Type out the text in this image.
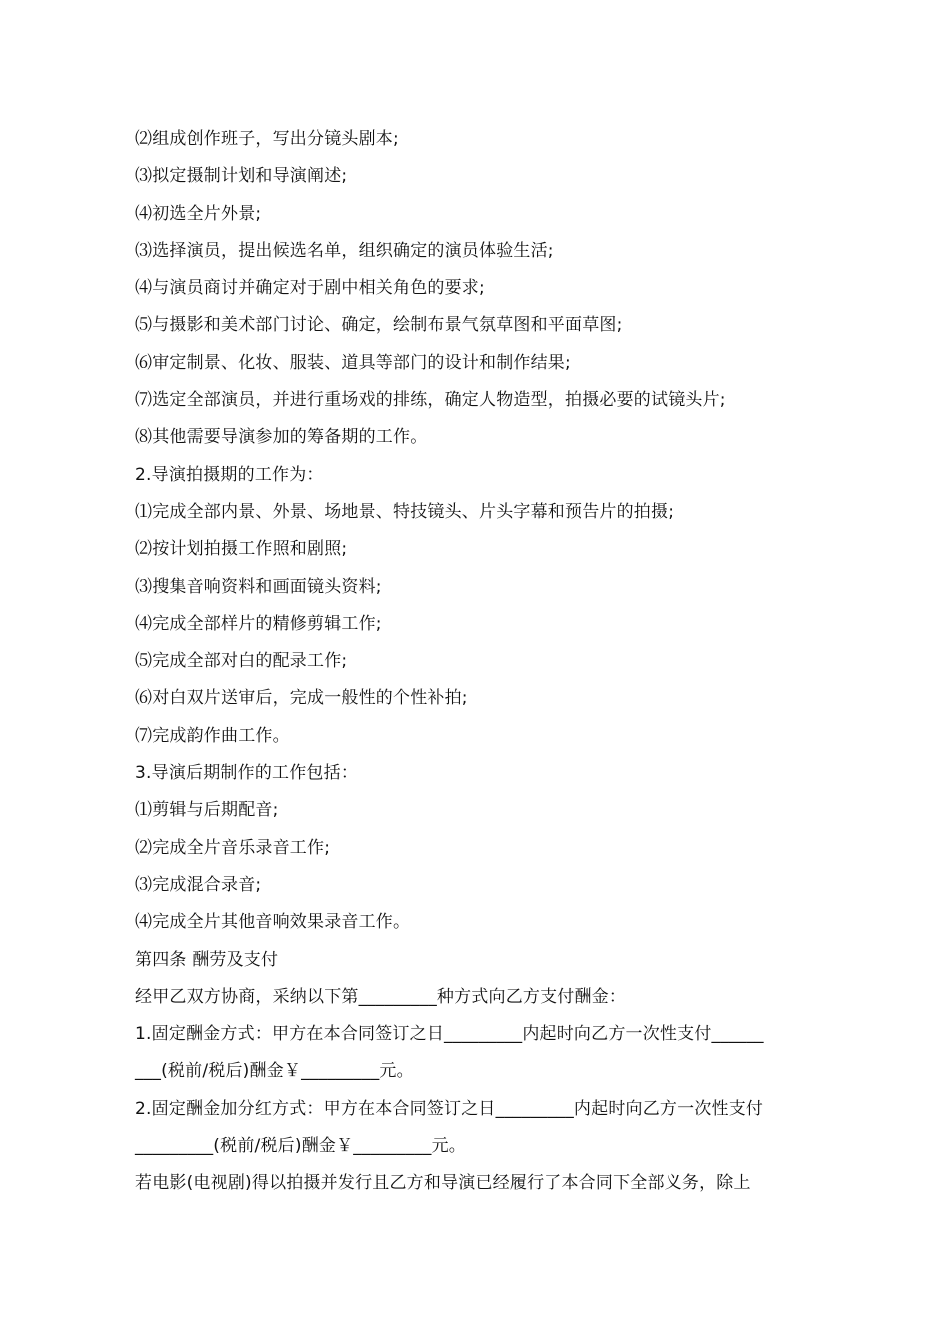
⑵组成创作班子，写出分镜头剧本;
⑶拟定摄制计划和导演阐述;
⑷初选全片外景;
⑶选择演员，提出候选名单，组织确定的演员体验生活;
⑷与演员商讨并确定对于剧中相关角色的要求;
⑸与摄影和美术部门讨论、确定，绘制布景气氛草图和平面草图;
⑹审定制景、化妆、服装、道具等部门的设计和制作结果;
⑺选定全部演员，并进行重场戏的排练，确定人物造型，拍摄必要的试镜头片;
⑻其他需要导演参加的筹备期的工作。
2.导演拍摄期的工作为：
⑴完成全部内景、外景、场地景、特技镜头、片头字幕和预告片的拍摄;
⑵按计划拍摄工作照和剧照;
⑶搜集音响资料和画面镜头资料;
⑷完成全部样片的精修剪辑工作;
⑸完成全部对白的配录工作;
⑹对白双片送审后，完成一般性的个性补拍;
⑺完成韵作曲工作。
3.导演后期制作的工作包括：
⑴剪辑与后期配音;
⑵完成全片音乐录音工作;
⑶完成混合录音;
⑷完成全片其他音响效果录音工作。
第四条 酬劳及支付
经甲乙双方协商，采纳以下第_________种方式向乙方支付酬金：
1.固定酬金方式：甲方在本合同签订之日_________内起时向乙方一次性支付______
___(税前/税后)酬金￥_________元。
2.固定酬金加分红方式：甲方在本合同签订之日_________内起时向乙方一次性支付
_________(税前/税后)酬金￥_________元。
若电影(电视剧)得以拍摄并发行且乙方和导演已经履行了本合同下全部义务，除上
